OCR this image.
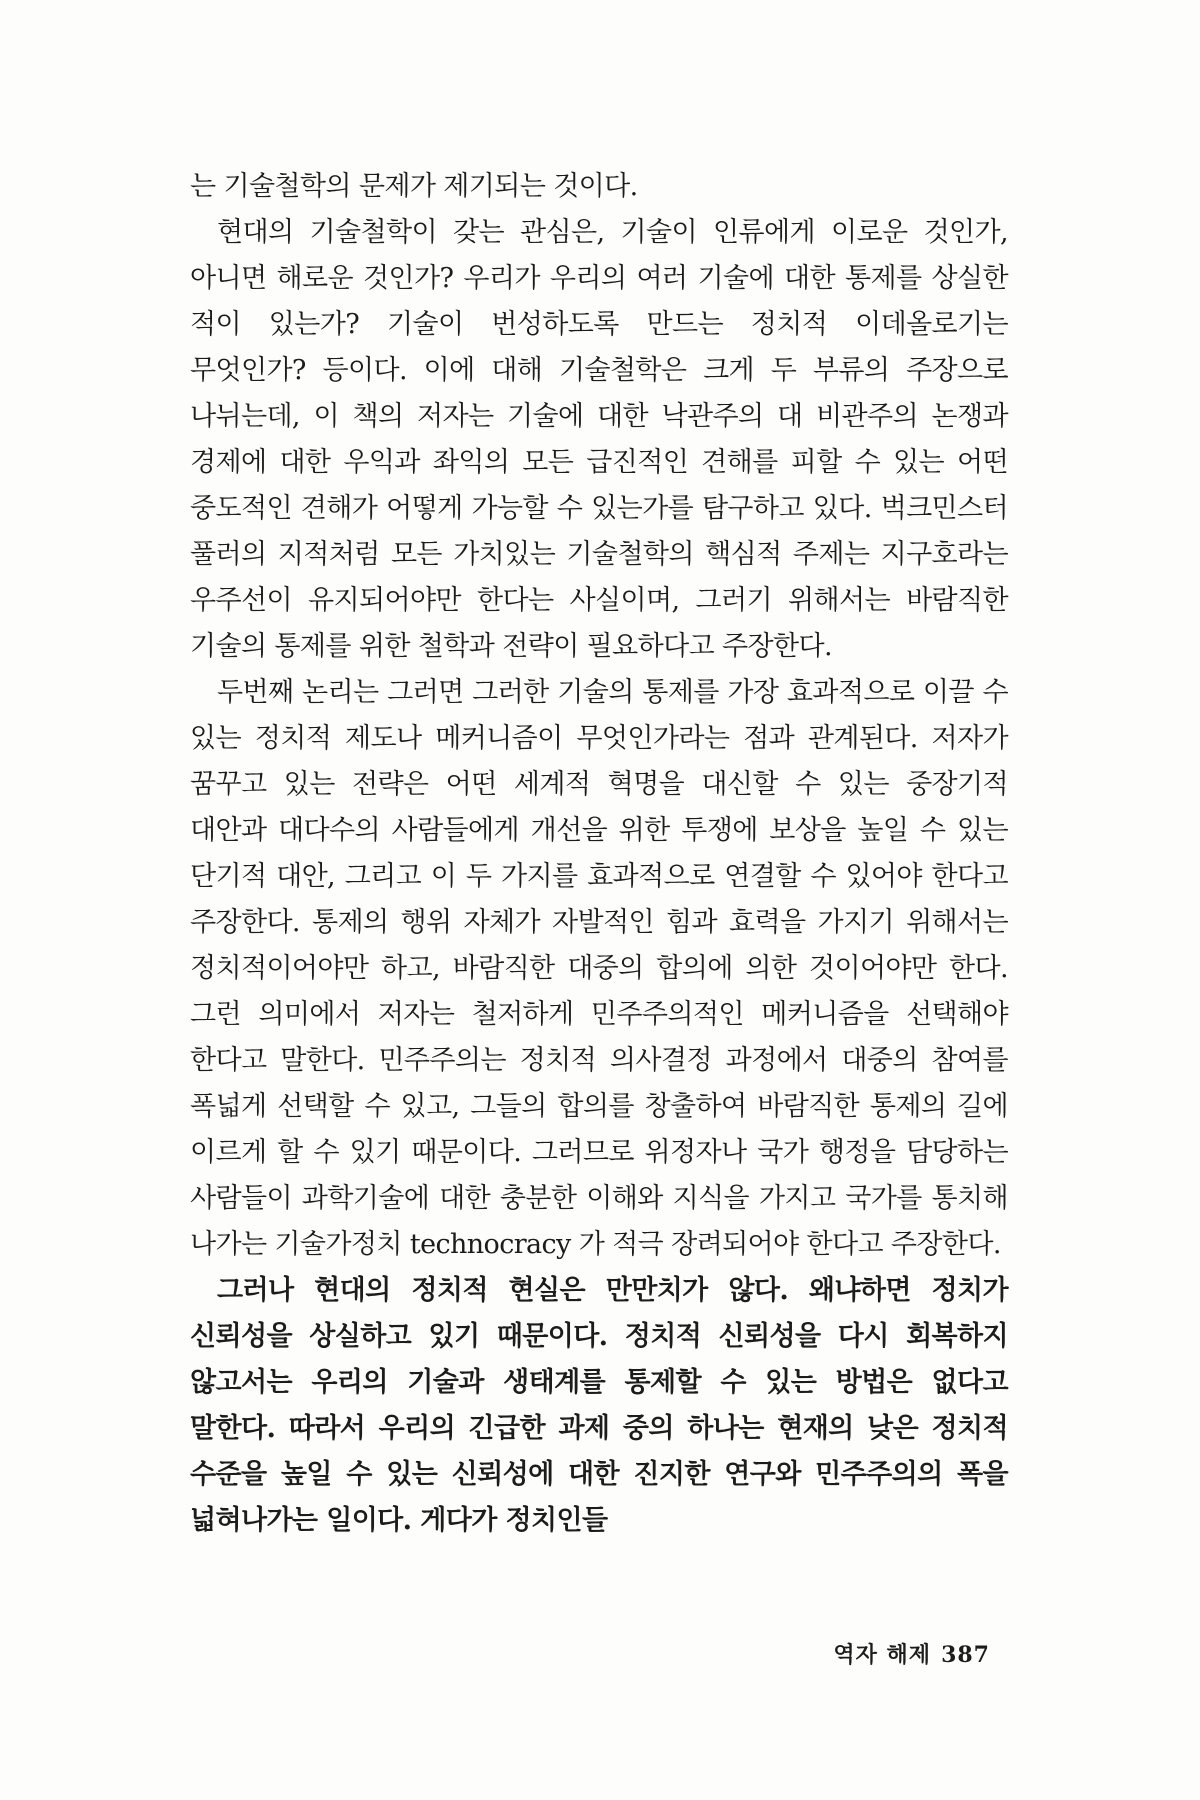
는 기술철학의 문제가 제기되는 것이다.

현대의 기술철학이 갖는 관심은, 기술이 인류에게 이로운 것인가, 아니면 해로운 것인가? 우리가 우리의 여러 기술에 대한 통제를 상실한 적이 있는가? 기술이 번성하도록 만드는 정치적 이데올로기는 무엇인가? 등이다. 이에 대해 기술철학은 크게 두 부류의 주장으로 나뉘는데, 이 책의 저자는 기술에 대한 낙관주의 대 비관주의 논쟁과 경제에 대한 우익과 좌익의 모든 급진적인 견해를 피할 수 있는 어떤 중도적인 견해가 어떻게 가능할 수 있는가를 탐구하고 있다. 벅크민스터 풀러의 지적처럼 모든 가치있는 기술철학의 핵심적 주제는 지구호라는 우주선이 유지되어야만 한다는 사실이며, 그러기 위해서는 바람직한 기술의 통제를 위한 철학과 전략이 필요하다고 주장한다.

두번째 논리는 그러면 그러한 기술의 통제를 가장 효과적으로 이끌 수 있는 정치적 제도나 메커니즘이 무엇인가라는 점과 관계된다. 저자가 꿈꾸고 있는 전략은 어떤 세계적 혁명을 대신할 수 있는 중장기적 대안과 대다수의 사람들에게 개선을 위한 투쟁에 보상을 높일 수 있는 단기적 대안, 그리고 이 두 가지를 효과적으로 연결할 수 있어야 한다고 주장한다. 통제의 행위 자체가 자발적인 힘과 효력을 가지기 위해서는 정치적이어야만 하고, 바람직한 대중의 합의에 의한 것이어야만 한다. 그런 의미에서 저자는 철저하게 민주주의적인 메커니즘을 선택해야 한다고 말한다. 민주주의는 정치적 의사결정 과정에서 대중의 참여를 폭넓게 선택할 수 있고, 그들의 합의를 창출하여 바람직한 통제의 길에 이르게 할 수 있기 때문이다. 그러므로 위정자나 국가 행정을 담당하는 사람들이 과학기술에 대한 충분한 이해와 지식을 가지고 국가를 통치해 나가는 기술가정치 technocracy 가 적극 장려되어야 한다고 주장한다.

그러나 현대의 정치적 현실은 만만치가 않다. 왜냐하면 정치가 신뢰성을 상실하고 있기 때문이다. 정치적 신뢰성을 다시 회복하지 않고서는 우리의 기술과 생태계를 통제할 수 있는 방법은 없다고 말한다. 따라서 우리의 긴급한 과제 중의 하나는 현재의 낮은 정치적 수준을 높일 수 있는 신뢰성에 대한 진지한 연구와 민주주의의 폭을 넓혀나가는 일이다. 게다가 정치인들

역자 해제 387
